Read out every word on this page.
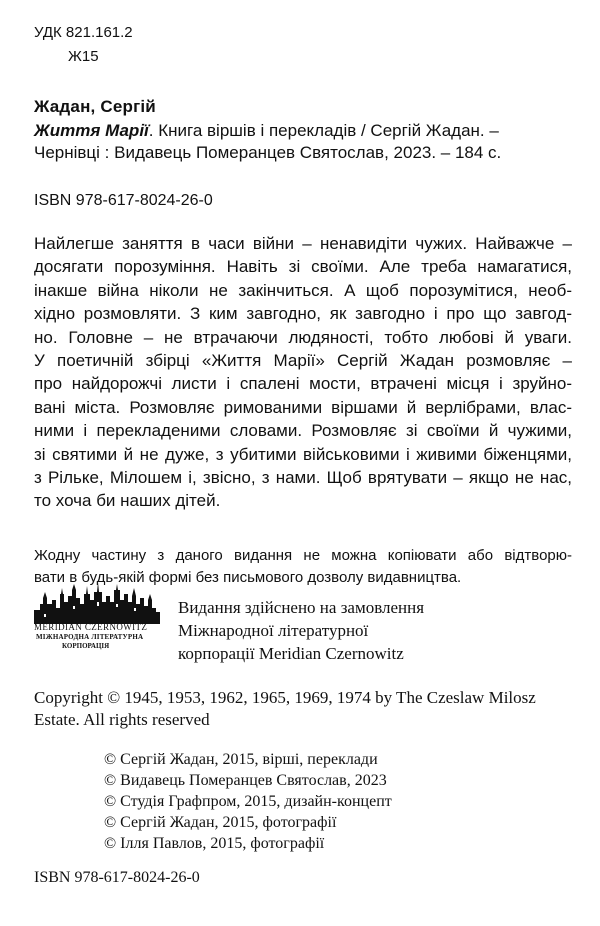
УДК 821.161.2
Ж15
Жадан, Сергій
Життя Марії. Книга віршів і перекладів / Сергій Жадан. –
Чернівці : Видавець Померанцев Святослав, 2023. – 184 с.
ISBN 978-617-8024-26-0
Найлегше заняття в часи війни – ненавидіти чужих. Найважче –
досягати порозуміння. Навіть зі своїми. Але треба намагатися,
інакше війна ніколи не закінчиться. А щоб порозумітися, необ-
хідно розмовляти. З ким завгодно, як завгодно і про що завгод-
но. Головне – не втрачаючи людяності, тобто любові й уваги.
У поетичній збірці «Життя Марії» Сергій Жадан розмовляє –
про найдорожчі листи і спалені мости, втрачені місця і зруйно-
вані міста. Розмовляє римованими віршами й верлібрами, влас-
ними і перекладеними словами. Розмовляє зі своїми й чужими,
зі святими й не дуже, з убитими військовими і живими біженцями,
з Рільке, Мілошем і, звісно, з нами. Щоб врятувати – якщо не нас,
то хоча би наших дітей.
Жодну частину з даного видання не можна копіювати або відтворю-
вати в будь-якій формі без письмового дозволу видавництва.
MERIDIAN CZERNOWITZ
МІЖНАРОДНА ЛІТЕРАТУРНА
КОРПОРАЦІЯ
Видання здійснено на замовлення
Міжнародної літературної
корпорації Meridian Czernowitz
Copyright © 1945, 1953, 1962, 1965, 1969, 1974 by The Czeslaw Milosz Estate. All rights reserved
© Сергій Жадан, 2015, вірші, переклади
© Видавець Померанцев Святослав, 2023
© Студія Графпром, 2015, дизайн-концепт
© Сергій Жадан, 2015, фотографії
© Ілля Павлов, 2015, фотографії
ISBN 978-617-8024-26-0
